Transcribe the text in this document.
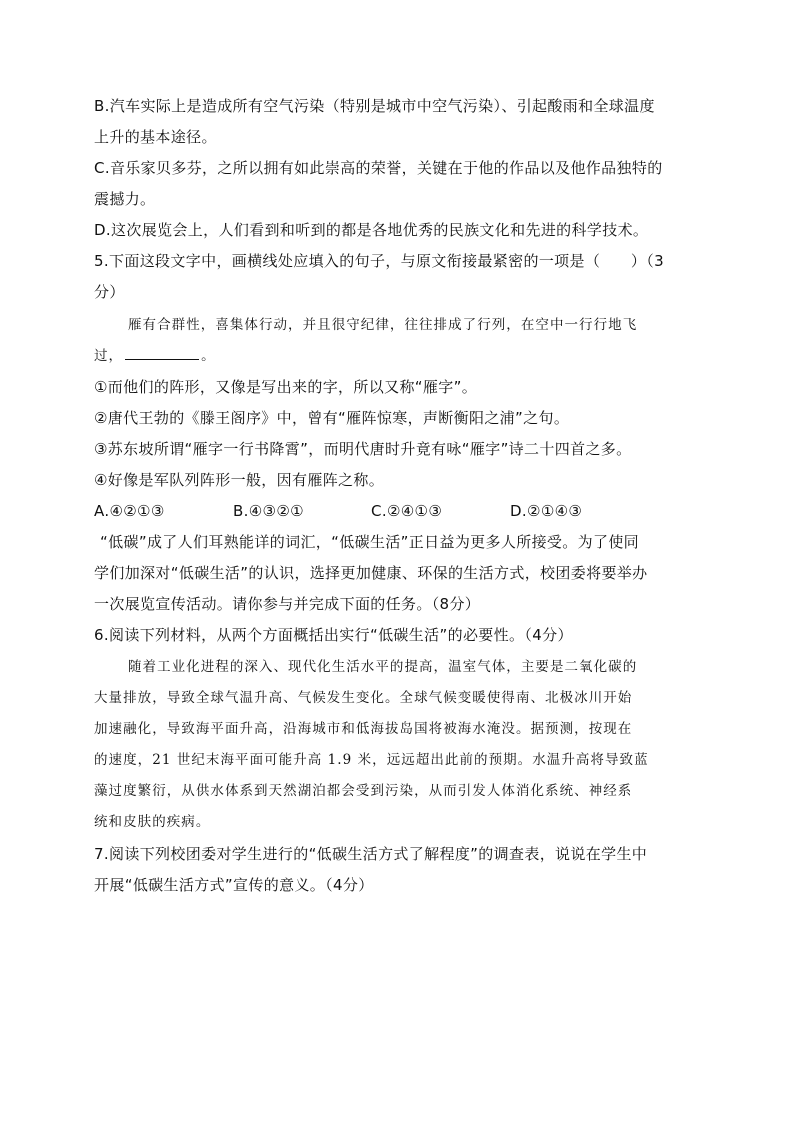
B.汽车实际上是造成所有空气污染（特别是城市中空气污染）、引起酸雨和全球温度
上升的基本途径。
C.音乐家贝多芬，之所以拥有如此崇高的荣誉，关键在于他的作品以及他作品独特的
震撼力。
D.这次展览会上，人们看到和听到的都是各地优秀的民族文化和先进的科学技术。
5.下面这段文字中，画横线处应填入的句子，与原文衔接最紧密的一项是（　　）（3
分）
雁有合群性，喜集体行动，并且很守纪律，往往排成了行列，在空中一行行地飞
过，	。
①而他们的阵形，又像是写出来的字，所以又称“雁字”。
②唐代王勃的《滕王阁序》中，曾有“雁阵惊寒，声断衡阳之浦”之句。
③苏东坡所谓“雁字一行书降霄”，而明代唐时升竟有咏“雁字”诗二十四首之多。
④好像是军队列阵形一般，因有雁阵之称。
A.④②①③	B.④③②①	C.②④①③	D.②①④③
“低碳”成了人们耳熟能详的词汇，“低碳生活”正日益为更多人所接受。为了使同
学们加深对“低碳生活”的认识，选择更加健康、环保的生活方式，校团委将要举办
一次展览宣传活动。请你参与并完成下面的任务。（8分）
6.阅读下列材料，从两个方面概括出实行“低碳生活”的必要性。（4分）
随着工业化进程的深入、现代化生活水平的提高，温室气体，主要是二氧化碳的
大量排放，导致全球气温升高、气候发生变化。全球气候变暖使得南、北极冰川开始
加速融化，导致海平面升高，沿海城市和低海拔岛国将被海水淹没。据预测，按现在
的速度，21 世纪末海平面可能升高 1.9 米，远远超出此前的预期。水温升高将导致蓝
藻过度繁衍，从供水体系到天然湖泊都会受到污染，从而引发人体消化系统、神经系
统和皮肤的疾病。
7.阅读下列校团委对学生进行的“低碳生活方式了解程度”的调查表，说说在学生中
开展“低碳生活方式”宣传的意义。（4分）
